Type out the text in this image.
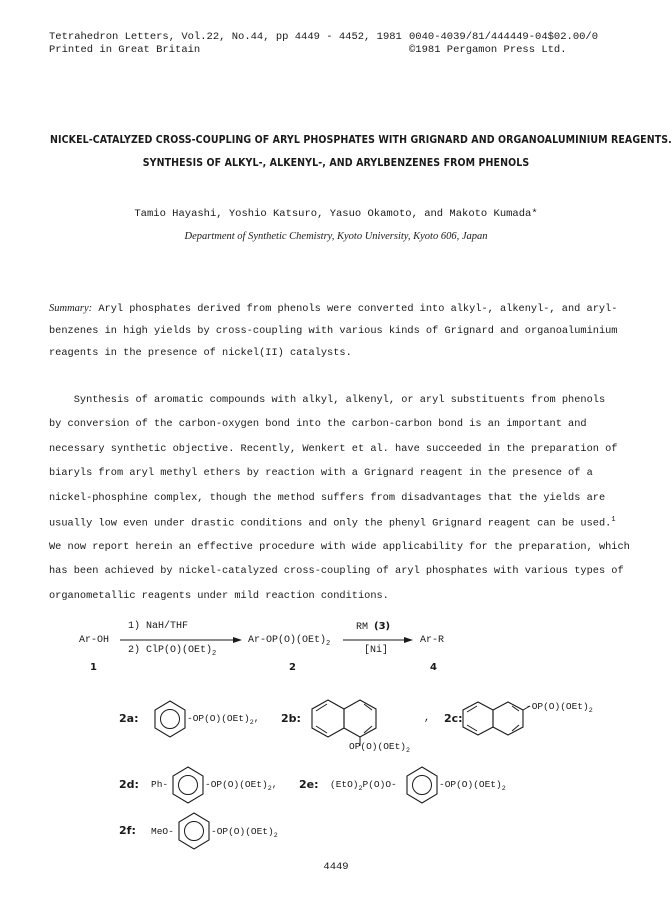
Tetrahedron Letters, Vol.22, No.44, pp 4449 - 4452, 1981
Printed in Great Britain
0040-4039/81/444449-04$02.00/0
©1981 Pergamon Press Ltd.
NICKEL-CATALYZED CROSS-COUPLING OF ARYL PHOSPHATES WITH GRIGNARD AND ORGANOALUMINIUM REAGENTS.
SYNTHESIS OF ALKYL-, ALKENYL-, AND ARYLBENZENES FROM PHENOLS
Tamio Hayashi, Yoshio Katsuro, Yasuo Okamoto, and Makoto Kumada*
Department of Synthetic Chemistry, Kyoto University, Kyoto 606, Japan
Summary: Aryl phosphates derived from phenols were converted into alkyl-, alkenyl-, and aryl-
benzenes in high yields by cross-coupling with various kinds of Grignard and organoaluminium
reagents in the presence of nickel(II) catalysts.
Synthesis of aromatic compounds with alkyl, alkenyl, or aryl substituents from phenols
by conversion of the carbon-oxygen bond into the carbon-carbon bond is an important and
necessary synthetic objective. Recently, Wenkert et al. have succeeded in the preparation of
biaryls from aryl methyl ethers by reaction with a Grignard reagent in the presence of a
nickel-phosphine complex, though the method suffers from disadvantages that the yields are
usually low even under drastic conditions and only the phenyl Grignard reagent can be used.$^1$
We now report herein an effective procedure with wide applicability for the preparation, which
has been achieved by nickel-catalyzed cross-coupling of aryl phosphates with various types of
organometallic reagents under mild reaction conditions.
Ar-OH
1
1) NaH/THF
2) $ClP(O)(OEt)_2$
$Ar-OP(O)(OEt)_2$
2
RM (3)
[Ni]
Ar-R
4
2a:	$-OP(O)(OEt)_2$, 2b:
$OP(O)(OEt)_2$
, 2c:
$-OP(O)(OEt)_2$
2d: Ph-	$-OP(O)(OEt)_2$, 2e: $(EtO)_2P(O)O-$	$-OP(O)(OEt)_2$
2f: MeO-	$-OP(O)(OEt)_2$
4449
